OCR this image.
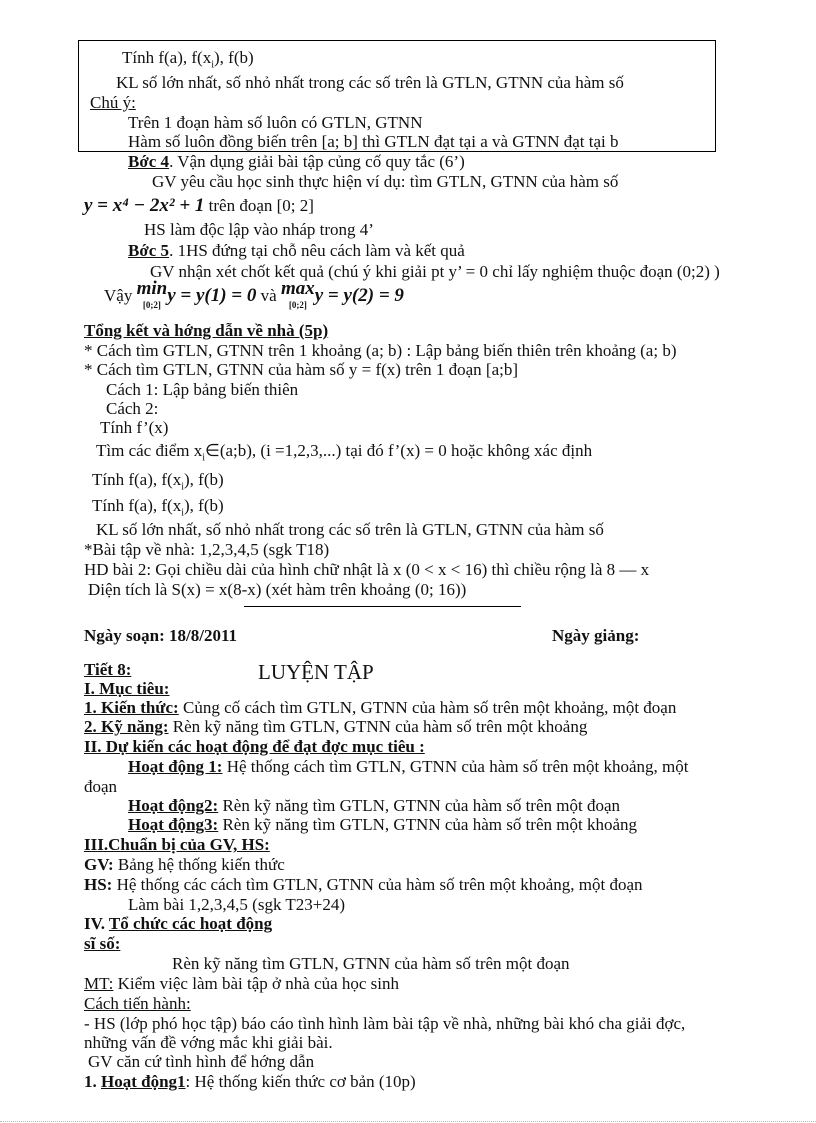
Tính f(a), $f(x_i)$, f(b)
KL số lớn nhất, số nhỏ nhất trong các số trên là GTLN, GTNN của hàm số
Chú ý:
Trên 1 đoạn hàm số luôn có GTLN, GTNN
Hàm số luôn đồng biến trên [a; b] thì GTLN đạt tại a và GTNN đạt tại b
Bớc 4. Vận dụng giải bài tập củng cố quy tắc (6’)
GV yêu cầu học sinh thực hiện ví dụ: tìm GTLN, GTNN của hàm số
y = x⁴ − 2x² + 1 trên đoạn [0; 2]
HS làm độc lập vào nháp trong 4’
Bớc 5. 1HS đứng tại chỗ nêu cách làm và kết quả
GV nhận xét chốt kết quả (chú ý khi giải pt y’ = 0 chỉ lấy nghiệm thuộc đoạn (0;2) )
Vậy min
[0;2] y = y(1) = 0 và max
[0;2] y = y(2) = 9
Tổng kết và hớng dẫn về nhà (5p)
* Cách tìm GTLN, GTNN trên 1 khoảng (a; b) : Lập bảng biến thiên trên khoảng (a; b)
* Cách tìm GTLN, GTNN của hàm số y = f(x) trên 1 đoạn [a;b]
Cách 1: Lập bảng biến thiên
Cách 2:
Tính f’(x)
Tìm các điểm $x_i\in(a;b)$, (i =1,2,3,...) tại đó f’(x) = 0 hoặc không xác định
Tính f(a), $f(x_i)$, f(b)
Tính f(a), $f(x_i)$, f(b)
KL số lớn nhất, số nhỏ nhất trong các số trên là GTLN, GTNN của hàm số
*Bài tập về nhà: 1,2,3,4,5 (sgk T18)
HD bài 2: Gọi chiều dài của hình chữ nhật là x (0 < x < 16) thì chiều rộng là 8 — x
Diện tích là S(x) = x(8-x) (xét hàm trên khoảng (0; 16))
Ngày soạn: 18/8/2011	Ngày giảng:
Tiết 8:	LUYỆN TẬP
I. Mục tiêu:
1. Kiến thức: Củng cố cách tìm GTLN, GTNN của hàm số trên một khoảng, một đoạn
2. Kỹ năng: Rèn kỹ năng tìm GTLN, GTNN của hàm số trên một khoảng
II. Dự kiến các hoạt động để đạt đợc mục tiêu :
Hoạt động 1: Hệ thống cách tìm GTLN, GTNN của hàm số trên một khoảng, một
đoạn
Hoạt động2: Rèn kỹ năng tìm GTLN, GTNN của hàm số trên một đoạn
Hoạt động3: Rèn kỹ năng tìm GTLN, GTNN của hàm số trên một khoảng
III.Chuẩn bị của GV, HS:
GV: Bảng hệ thống kiến thức
HS: Hệ thống các cách tìm GTLN, GTNN của hàm số trên một khoảng, một đoạn
Làm bài 1,2,3,4,5 (sgk T23+24)
IV. Tổ chức các hoạt động
sĩ số:
Rèn kỹ năng tìm GTLN, GTNN của hàm số trên một đoạn
MT: Kiểm việc làm bài tập ở nhà của học sinh
Cách tiến hành:
- HS (lớp phó học tập) báo cáo tình hình làm bài tập về nhà, những bài khó cha giải đợc,
những vấn đề vớng mắc khi giải bài.
GV căn cứ tình hình để hớng dẫn
1. Hoạt động1: Hệ thống kiến thức cơ bản (10p)
